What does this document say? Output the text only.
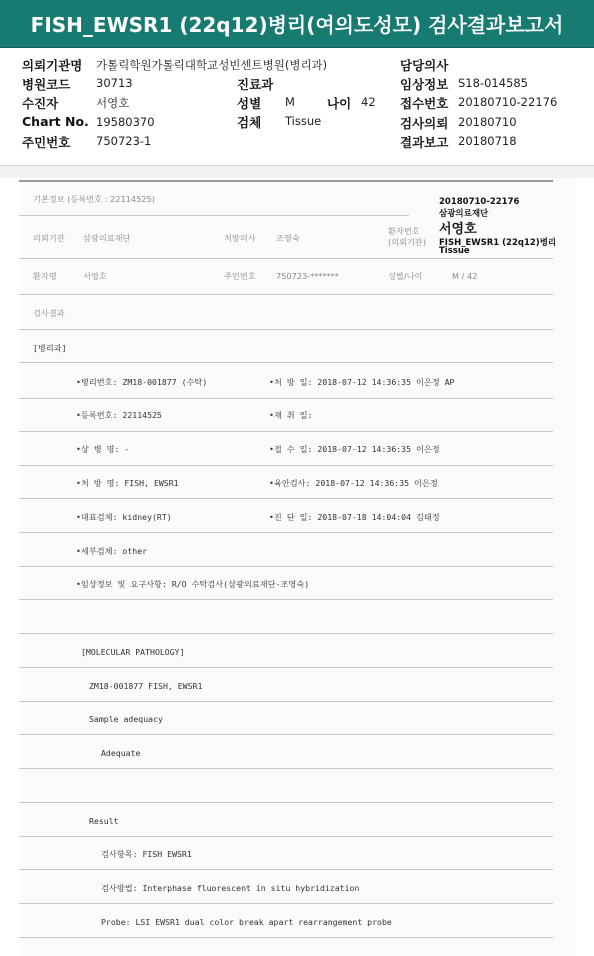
FISH_EWSR1 (22q12)병리(여의도성모) 검사결과보고서
의뢰기관명 가톨릭학원가톨릭대학교성빈센트병원(병리과)	담당의사
병원코드 30713	진료과	임상정보 S18-014585
수진자	서영호	성별 M	나이 42 접수번호 20180710-22176
Chart No. 19580370	검체 Tissue	검사의뢰 20180710
주민번호 750723-1	결과보고 20180718
기본정보 (등록번호 : 22114525)	20180710-22176
삼광의료재단
서영호
FISH_EWSR1 (22q12)병리
Tissue
의뢰기관 삼광의료재단	처방의사 조영숙
환자번호
(의뢰기관)
환자명	서영호	주민번호 750723-*******	성별/나이	M / 42
검사결과
[병리과]
•병리번호: ZM18-001877 (수탁)	•처 방 일: 2018-07-12 14:36:35 이은정 AP
•등록번호: 22114525	•재 취 일:
•상 병 명: -	•접 수 일: 2018-07-12 14:36:35 이은정
•처 방 명: FISH, EWSR1	•육안검사: 2018-07-12 14:36:35 이은정
•대표검체: kidney(RT)	•진 단 일: 2018-07-18 14:04:04 김태정
•세부검체: other
•임상정보 및 요구사항: R/O 수탁검사(삼광의료재단-조영숙)
[MOLECULAR PATHOLOGY]
ZM18-001877 FISH, EWSR1
Sample adequacy
Adequate
Result
검사항목: FISH EWSR1
검사방법: Interphase fluorescent in situ hybridization
Probe: LSI EWSR1 dual color break apart rearrangement probe
